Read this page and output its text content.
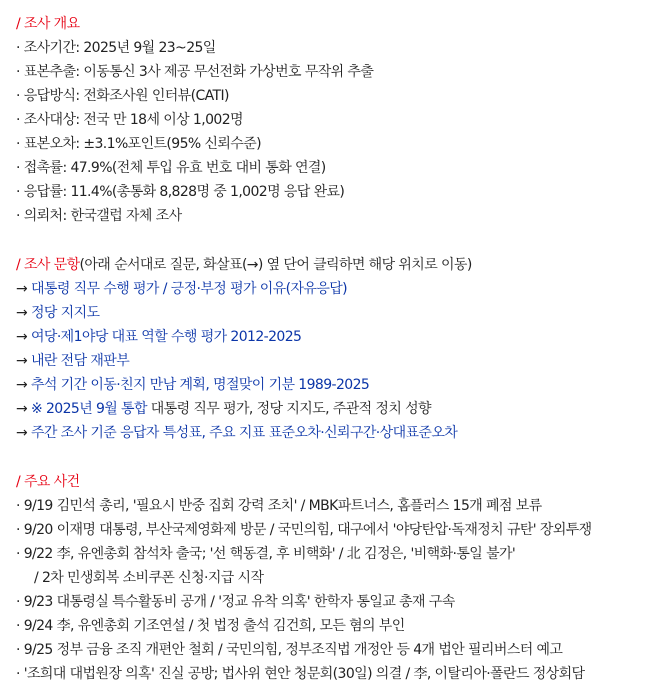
/ 조사 개요
· 조사기간: 2025년 9월 23~25일
· 표본추출: 이동통신 3사 제공 무선전화 가상번호 무작위 추출
· 응답방식: 전화조사원 인터뷰(CATI)
· 조사대상: 전국 만 18세 이상 1,002명
· 표본오차: ±3.1%포인트(95% 신뢰수준)
· 접촉률: 47.9%(전체 투입 유효 번호 대비 통화 연결)
· 응답률: 11.4%(총통화 8,828명 중 1,002명 응답 완료)
· 의뢰처: 한국갤럽 자체 조사
/ 조사 문항(아래 순서대로 질문, 화살표(→) 옆 단어 클릭하면 해당 위치로 이동)
→ 대통령 직무 수행 평가 / 긍정·부정 평가 이유(자유응답)
→ 정당 지지도
→ 여당·제1야당 대표 역할 수행 평가 2012-2025
→ 내란 전담 재판부
→ 추석 기간 이동·친지 만남 계획, 명절맞이 기분 1989-2025
→ ※ 2025년 9월 통합 대통령 직무 평가, 정당 지지도, 주관적 정치 성향
→ 주간 조사 기준 응답자 특성표, 주요 지표 표준오차·신뢰구간·상대표준오차
/ 주요 사건
· 9/19 김민석 총리, '필요시 반중 집회 강력 조치' / MBK파트너스, 홈플러스 15개 폐점 보류
· 9/20 이재명 대통령, 부산국제영화제 방문 / 국민의힘, 대구에서 '야당탄압·독재정치 규탄' 장외투쟁
· 9/22 李, 유엔총회 참석차 출국; '선 핵동결, 후 비핵화' / 北 김정은, '비핵화·통일 불가'
/ 2차 민생회복 소비쿠폰 신청·지급 시작
· 9/23 대통령실 특수활동비 공개 / '정교 유착 의혹' 한학자 통일교 총재 구속
· 9/24 李, 유엔총회 기조연설 / 첫 법정 출석 김건희, 모든 혐의 부인
· 9/25 정부 금융 조직 개편안 철회 / 국민의힘, 정부조직법 개정안 등 4개 법안 필리버스터 예고
· '조희대 대법원장 의혹' 진실 공방; 법사위 현안 청문회(30일) 의결 / 李, 이탈리아·폴란드 정상회담
